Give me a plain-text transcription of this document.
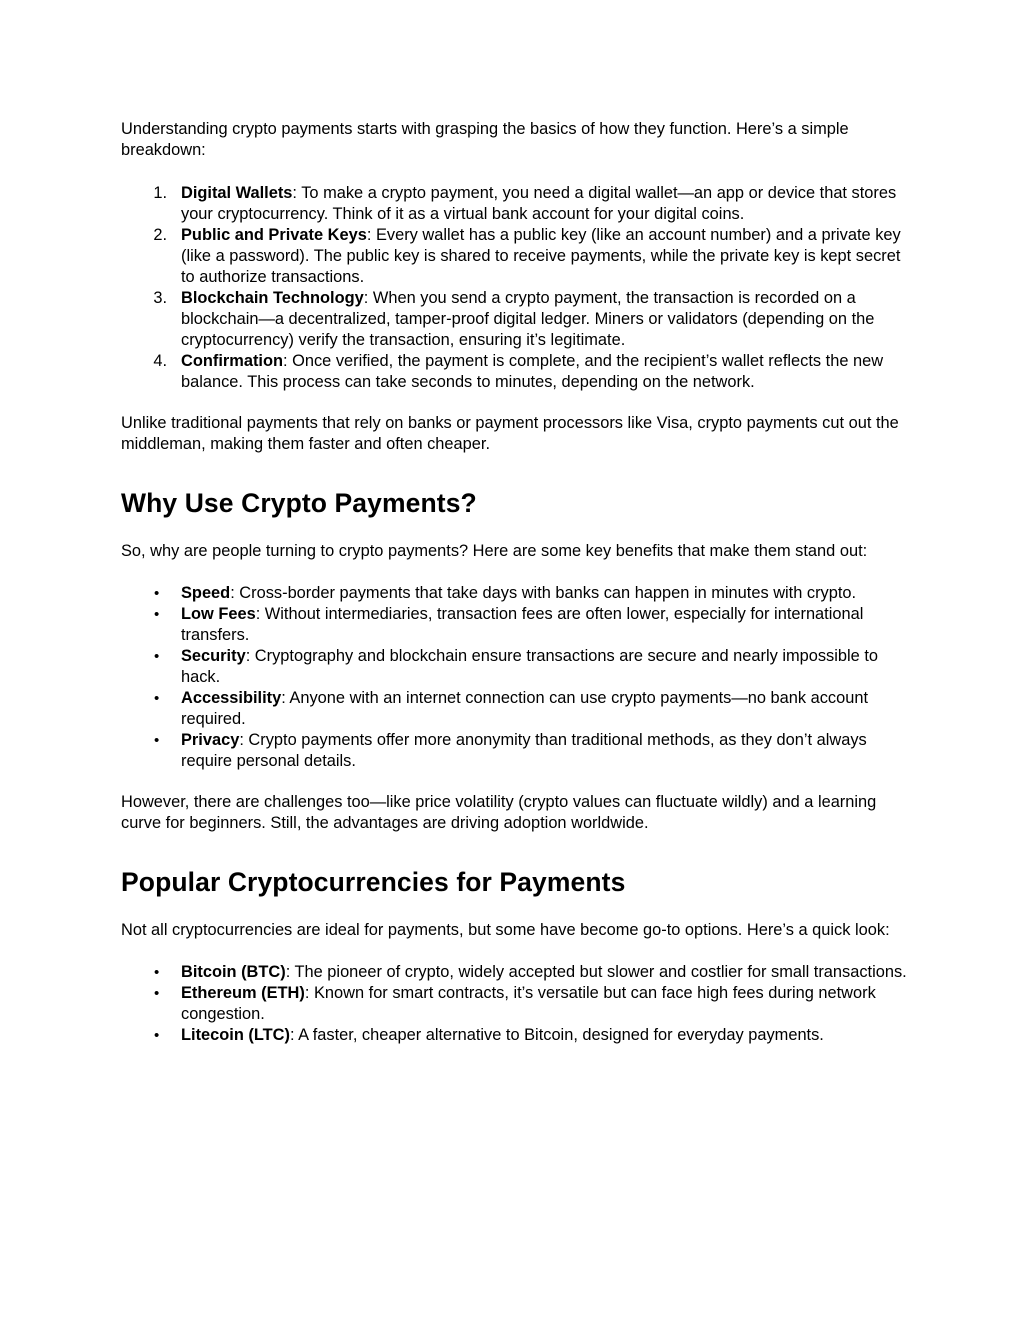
Understanding crypto payments starts with grasping the basics of how they function. Here’s a simple breakdown:

1. Digital Wallets: To make a crypto payment, you need a digital wallet—an app or device that stores your cryptocurrency. Think of it as a virtual bank account for your digital coins.
2. Public and Private Keys: Every wallet has a public key (like an account number) and a private key (like a password). The public key is shared to receive payments, while the private key is kept secret to authorize transactions.
3. Blockchain Technology: When you send a crypto payment, the transaction is recorded on a blockchain—a decentralized, tamper-proof digital ledger. Miners or validators (depending on the cryptocurrency) verify the transaction, ensuring it’s legitimate.
4. Confirmation: Once verified, the payment is complete, and the recipient’s wallet reflects the new balance. This process can take seconds to minutes, depending on the network.

Unlike traditional payments that rely on banks or payment processors like Visa, crypto payments cut out the middleman, making them faster and often cheaper.

Why Use Crypto Payments?

So, why are people turning to crypto payments? Here are some key benefits that make them stand out:

• Speed: Cross-border payments that take days with banks can happen in minutes with crypto.
• Low Fees: Without intermediaries, transaction fees are often lower, especially for international transfers.
• Security: Cryptography and blockchain ensure transactions are secure and nearly impossible to hack.
• Accessibility: Anyone with an internet connection can use crypto payments—no bank account required.
• Privacy: Crypto payments offer more anonymity than traditional methods, as they don’t always require personal details.

However, there are challenges too—like price volatility (crypto values can fluctuate wildly) and a learning curve for beginners. Still, the advantages are driving adoption worldwide.

Popular Cryptocurrencies for Payments

Not all cryptocurrencies are ideal for payments, but some have become go-to options. Here’s a quick look:

• Bitcoin (BTC): The pioneer of crypto, widely accepted but slower and costlier for small transactions.
• Ethereum (ETH): Known for smart contracts, it’s versatile but can face high fees during network congestion.
• Litecoin (LTC): A faster, cheaper alternative to Bitcoin, designed for everyday payments.
